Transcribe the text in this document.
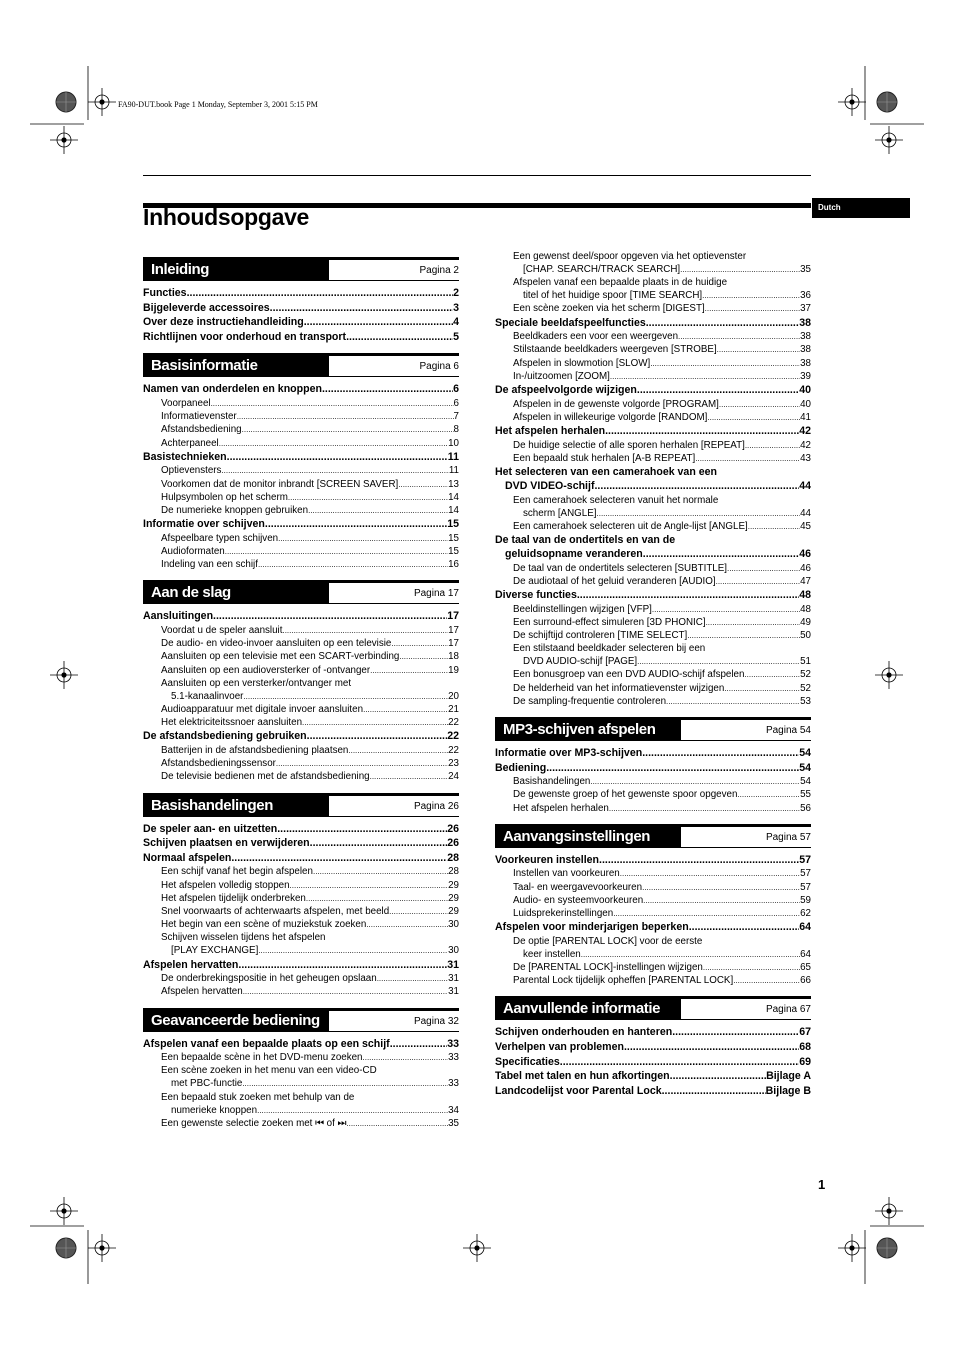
FA90-DUT.book Page 1 Monday, September 3, 2001 5:15 PM
Dutch
Inhoudsopgave
Inleiding	Pagina 2
Functies .....	2
Bijgeleverde accessoires .....	3
Over deze instructiehandleiding .....	4
Richtlijnen voor onderhoud en transport .....	5
Basisinformatie	Pagina 6
Namen van onderdelen en knoppen .....	6
Voorpaneel .....	6
Informatievenster .....	7
Afstandsbediening .....	8
Achterpaneel .....	10
Basistechnieken .....	11
Optievensters .....	11
Voorkomen dat de monitor inbrandt [SCREEN SAVER] .....	13
Hulpsymbolen op het scherm .....	14
De numerieke knoppen gebruiken .....	14
Informatie over schijven .....	15
Afspeelbare typen schijven .....	15
Audioformaten .....	15
Indeling van een schijf .....	16
Aan de slag	Pagina 17
Aansluitingen .....	17
Voordat u de speler aansluit .....	17
De audio- en video-invoer aansluiten op een televisie .....	17
Aansluiten op een televisie met een SCART-verbinding .....	18
Aansluiten op een audioversterker of -ontvanger .....	19
Aansluiten op een versterker/ontvanger met
5.1-kanaalinvoer .....	20
Audioapparatuur met digitale invoer aansluiten .....	21
Het elektriciteitssnoer aansluiten .....	22
De afstandsbediening gebruiken .....	22
Batterijen in de afstandsbediening plaatsen .....	22
Afstandsbedieningssensor .....	23
De televisie bedienen met de afstandsbediening .....	24
Basishandelingen	Pagina 26
De speler aan- en uitzetten .....	26
Schijven plaatsen en verwijderen .....	26
Normaal afspelen .....	28
Een schijf vanaf het begin afspelen .....	28
Het afspelen volledig stoppen .....	29
Het afspelen tijdelijk onderbreken .....	29
Snel voorwaarts of achterwaarts afspelen, met beeld .....	29
Het begin van een scène of muziekstuk zoeken .....	30
Schijven wisselen tijdens het afspelen
[PLAY EXCHANGE] .....	30
Afspelen hervatten .....	31
De onderbrekingspositie in het geheugen opslaan .....	31
Afspelen hervatten .....	31
Geavanceerde bediening	Pagina 32
Afspelen vanaf een bepaalde plaats op een schijf .....	33
Een bepaalde scène in het DVD-menu zoeken .....	33
Een scène zoeken in het menu van een video-CD
met PBC-functie .....	33
Een bepaald stuk zoeken met behulp van de
numerieke knoppen .....	34
Een gewenste selectie zoeken met ⏮ of ⏭ .....	35
Een gewenst deel/spoor opgeven via het optievenster
[CHAP. SEARCH/TRACK SEARCH] .....	35
Afspelen vanaf een bepaalde plaats in de huidige
titel of het huidige spoor [TIME SEARCH] .....	36
Een scène zoeken via het scherm [DIGEST] .....	37
Speciale beeldafspeelfuncties .....	38
Beeldkaders een voor een weergeven .....	38
Stilstaande beeldkaders weergeven [STROBE] .....	38
Afspelen in slowmotion [SLOW] .....	38
In-/uitzoomen [ZOOM] .....	39
De afspeelvolgorde wijzigen .....	40
Afspelen in de gewenste volgorde [PROGRAM] .....	40
Afspelen in willekeurige volgorde [RANDOM] .....	41
Het afspelen herhalen .....	42
De huidige selectie of alle sporen herhalen [REPEAT] .....	42
Een bepaald stuk herhalen [A-B REPEAT] .....	43
Het selecteren van een camerahoek van een
DVD VIDEO-schijf .....	44
Een camerahoek selecteren vanuit het normale
scherm [ANGLE] .....	44
Een camerahoek selecteren uit de Angle-lijst [ANGLE] .....	45
De taal van de ondertitels en van de
geluidsopname veranderen .....	46
De taal van de ondertitels selecteren [SUBTITLE] .....	46
De audiotaal of het geluid veranderen [AUDIO] .....	47
Diverse functies .....	48
Beeldinstellingen wijzigen [VFP] .....	48
Een surround-effect simuleren [3D PHONIC] .....	49
De schijftijd controleren [TIME SELECT] .....	50
Een stilstaand beeldkader selecteren bij een
DVD AUDIO-schijf [PAGE] .....	51
Een bonusgroep van een DVD AUDIO-schijf afspelen .....	52
De helderheid van het informatievenster wijzigen .....	52
De sampling-frequentie controleren .....	53
MP3-schijven afspelen	Pagina 54
Informatie over MP3-schijven .....	54
Bediening .....	54
Basishandelingen .....	54
De gewenste groep of het gewenste spoor opgeven .....	55
Het afspelen herhalen .....	56
Aanvangsinstellingen	Pagina 57
Voorkeuren instellen .....	57
Instellen van voorkeuren .....	57
Taal- en weergavevoorkeuren .....	57
Audio- en systeemvoorkeuren .....	59
Luidsprekerinstellingen .....	62
Afspelen voor minderjarigen beperken .....	64
De optie [PARENTAL LOCK] voor de eerste
keer instellen .....	64
De [PARENTAL LOCK]-instellingen wijzigen .....	65
Parental Lock tijdelijk opheffen [PARENTAL LOCK] .....	66
Aanvullende informatie	Pagina 67
Schijven onderhouden en hanteren .....	67
Verhelpen van problemen .....	68
Specificaties .....	69
Tabel met talen en hun afkortingen .....	Bijlage A
Landcodelijst voor Parental Lock .....	Bijlage B
1
